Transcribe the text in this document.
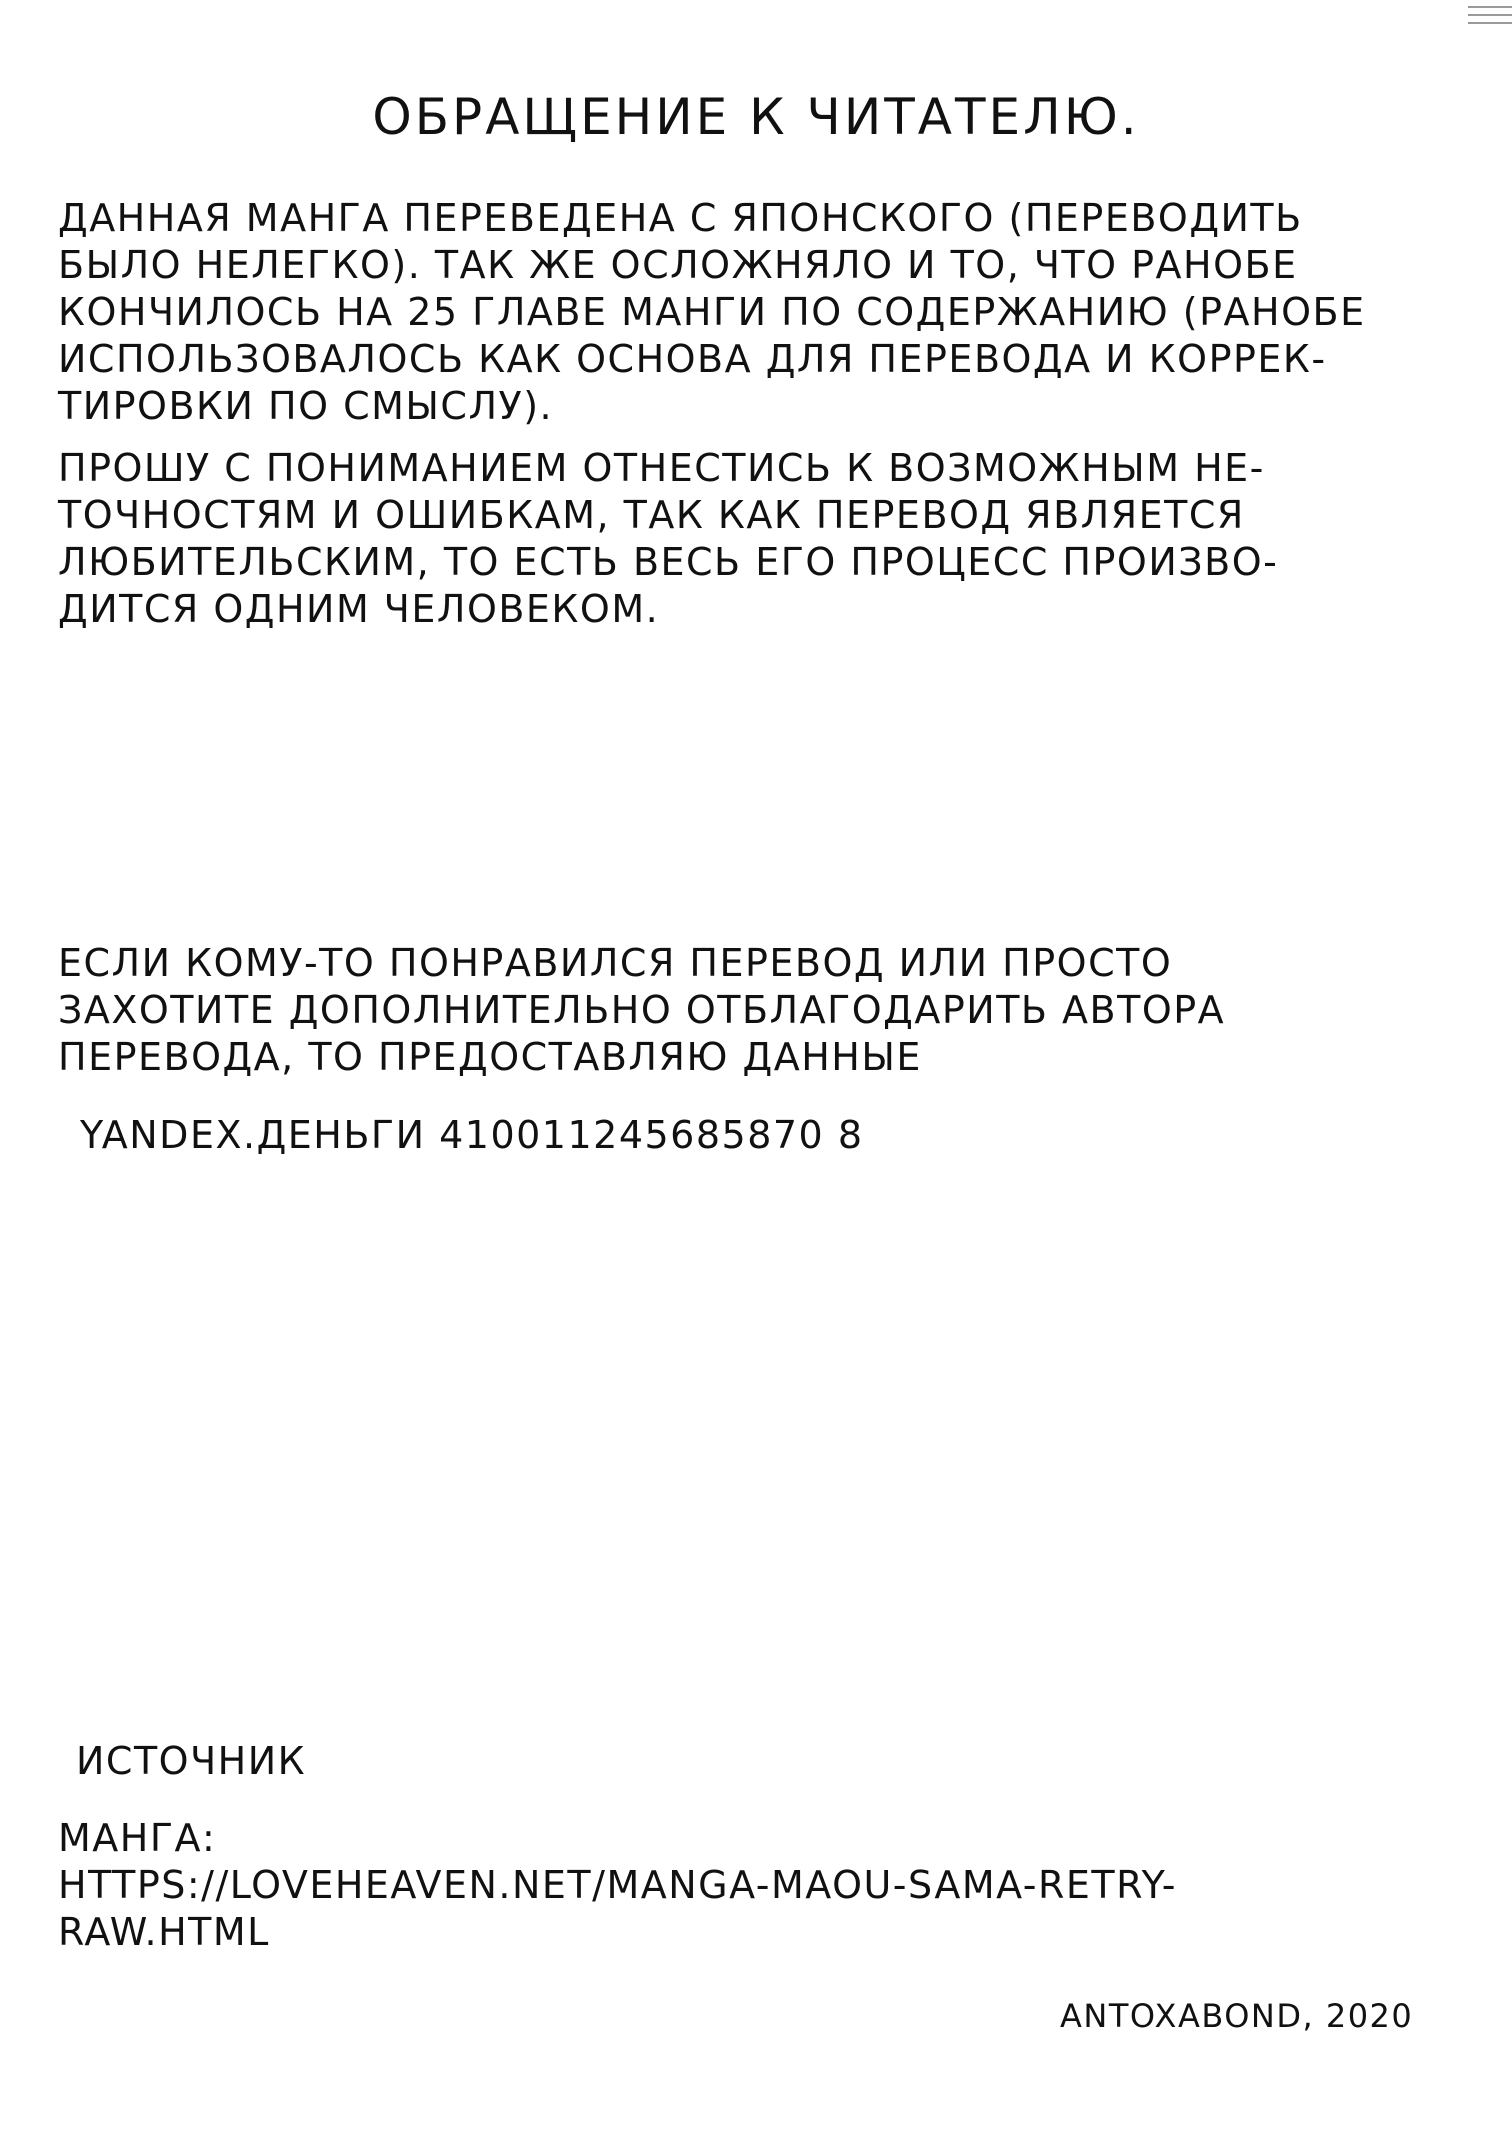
ОБРАЩЕНИЕ К ЧИТАТЕЛЮ.

ДАННАЯ МАНГА ПЕРЕВЕДЕНА С ЯПОНСКОГО (ПЕРЕВОДИТЬ
БЫЛО НЕЛЕГКО). ТАК ЖЕ ОСЛОЖНЯЛО И ТО, ЧТО РАНОБЕ
КОНЧИЛОСЬ НА 25 ГЛАВЕ МАНГИ ПО СОДЕРЖАНИЮ (РАНОБЕ
ИСПОЛЬЗОВАЛОСЬ КАК ОСНОВА ДЛЯ ПЕРЕВОДА И КОРРЕК-
ТИРОВКИ ПО СМЫСЛУ).

ПРОШУ С ПОНИМАНИЕМ ОТНЕСТИСЬ К ВОЗМОЖНЫМ НЕ-
ТОЧНОСТЯМ И ОШИБКАМ, ТАК КАК ПЕРЕВОД ЯВЛЯЕТСЯ
ЛЮБИТЕЛЬСКИМ, ТО ЕСТЬ ВЕСЬ ЕГО ПРОЦЕСС ПРОИЗВО-
ДИТСЯ ОДНИМ ЧЕЛОВЕКОМ.

ЕСЛИ КОМУ-ТО ПОНРАВИЛСЯ ПЕРЕВОД ИЛИ ПРОСТО
ЗАХОТИТЕ ДОПОЛНИТЕЛЬНО ОТБЛАГОДАРИТЬ АВТОРА
ПЕРЕВОДА, ТО ПРЕДОСТАВЛЯЮ ДАННЫЕ

YANDEX.ДЕНЬГИ 410011245685870 8

ИСТОЧНИК

МАНГА:
HTTPS://LOVEHEAVEN.NET/MANGA-MAOU-SAMA-RETRY-
RAW.HTML

ANTOXABOND, 2020
